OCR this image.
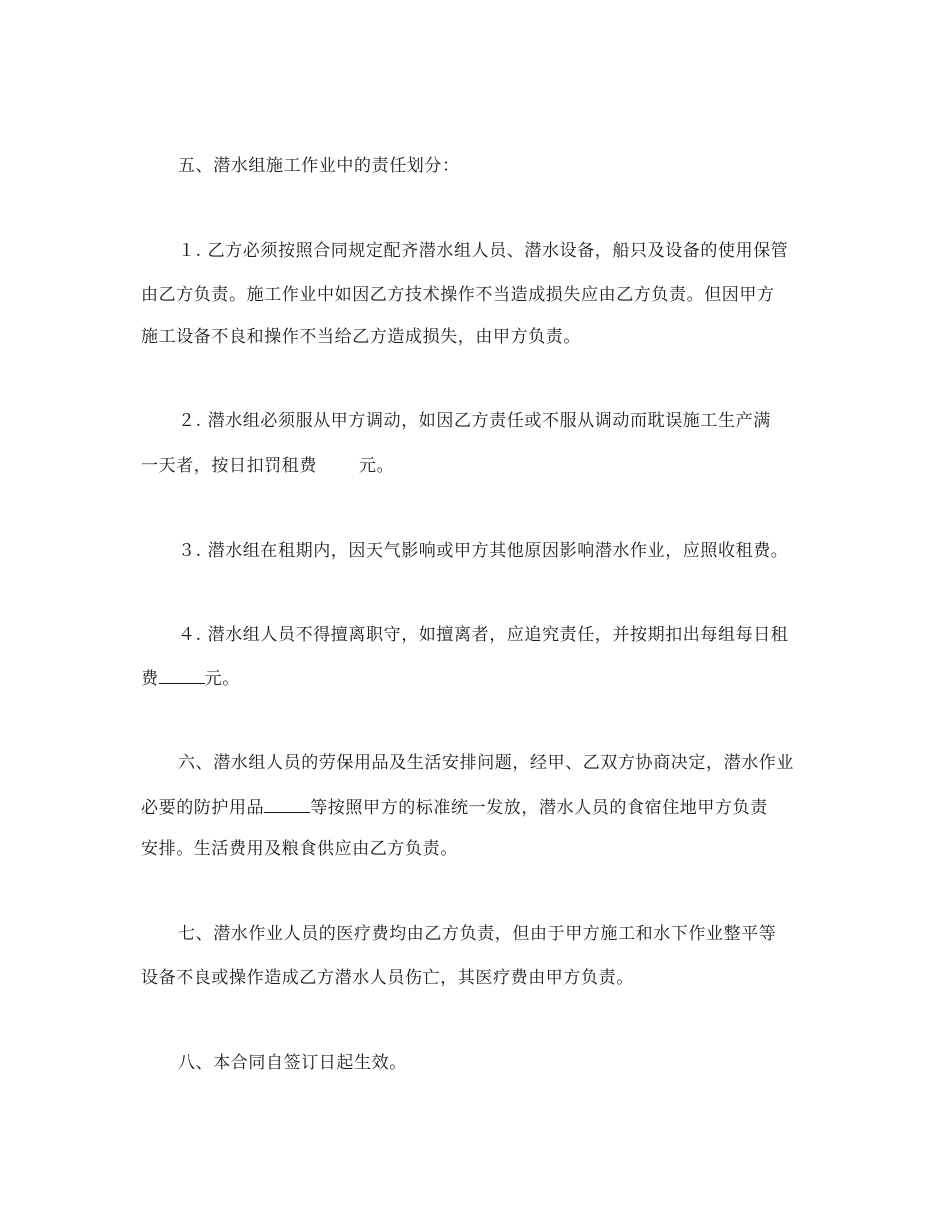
五、潜水组施工作业中的责任划分：
１. 乙方必须按照合同规定配齐潜水组人员、潜水设备，船只及设备的使用保管
由乙方负责。施工作业中如因乙方技术操作不当造成损失应由乙方负责。但因甲方
施工设备不良和操作不当给乙方造成损失，由甲方负责。
２. 潜水组必须服从甲方调动，如因乙方责任或不服从调动而耽误施工生产满
一天者，按日扣罚租费 元。
３. 潜水组在租期内，因天气影响或甲方其他原因影响潜水作业，应照收租费。
４. 潜水组人员不得擅离职守，如擅离者，应追究责任，并按期扣出每组每日租
费	元。
六、潜水组人员的劳保用品及生活安排问题，经甲、乙双方协商决定，潜水作业
必要的防护用品	等按照甲方的标准统一发放，潜水人员的食宿住地甲方负责
安排。生活费用及粮食供应由乙方负责。
七、潜水作业人员的医疗费均由乙方负责，但由于甲方施工和水下作业整平等
设备不良或操作造成乙方潜水人员伤亡，其医疗费由甲方负责。
八、本合同自签订日起生效。
